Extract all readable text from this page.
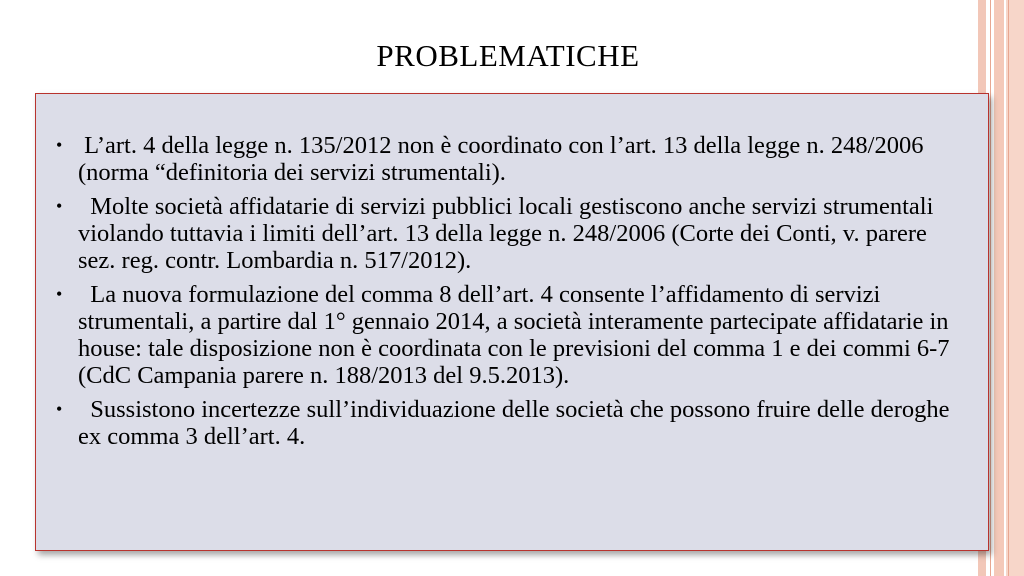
PROBLEMATICHE
• L’art. 4 della legge n. 135/2012 non è coordinato con l’art. 13 della legge n. 248/2006 (norma “definitoria dei servizi strumentali).
• Molte società affidatarie di servizi pubblici locali gestiscono anche servizi strumentali violando tuttavia i limiti dell’art. 13 della legge n. 248/2006 (Corte dei Conti, v. parere sez. reg. contr. Lombardia n. 517/2012).
• La nuova formulazione del comma 8 dell’art. 4 consente l’affidamento di servizi strumentali, a partire dal 1° gennaio 2014, a società interamente partecipate affidatarie in house: tale disposizione non è coordinata con le previsioni del comma 1 e dei commi 6-7 (CdC Campania parere n. 188/2013 del 9.5.2013).
• Sussistono incertezze sull’individuazione delle società che possono fruire delle deroghe ex comma 3 dell’art. 4.
